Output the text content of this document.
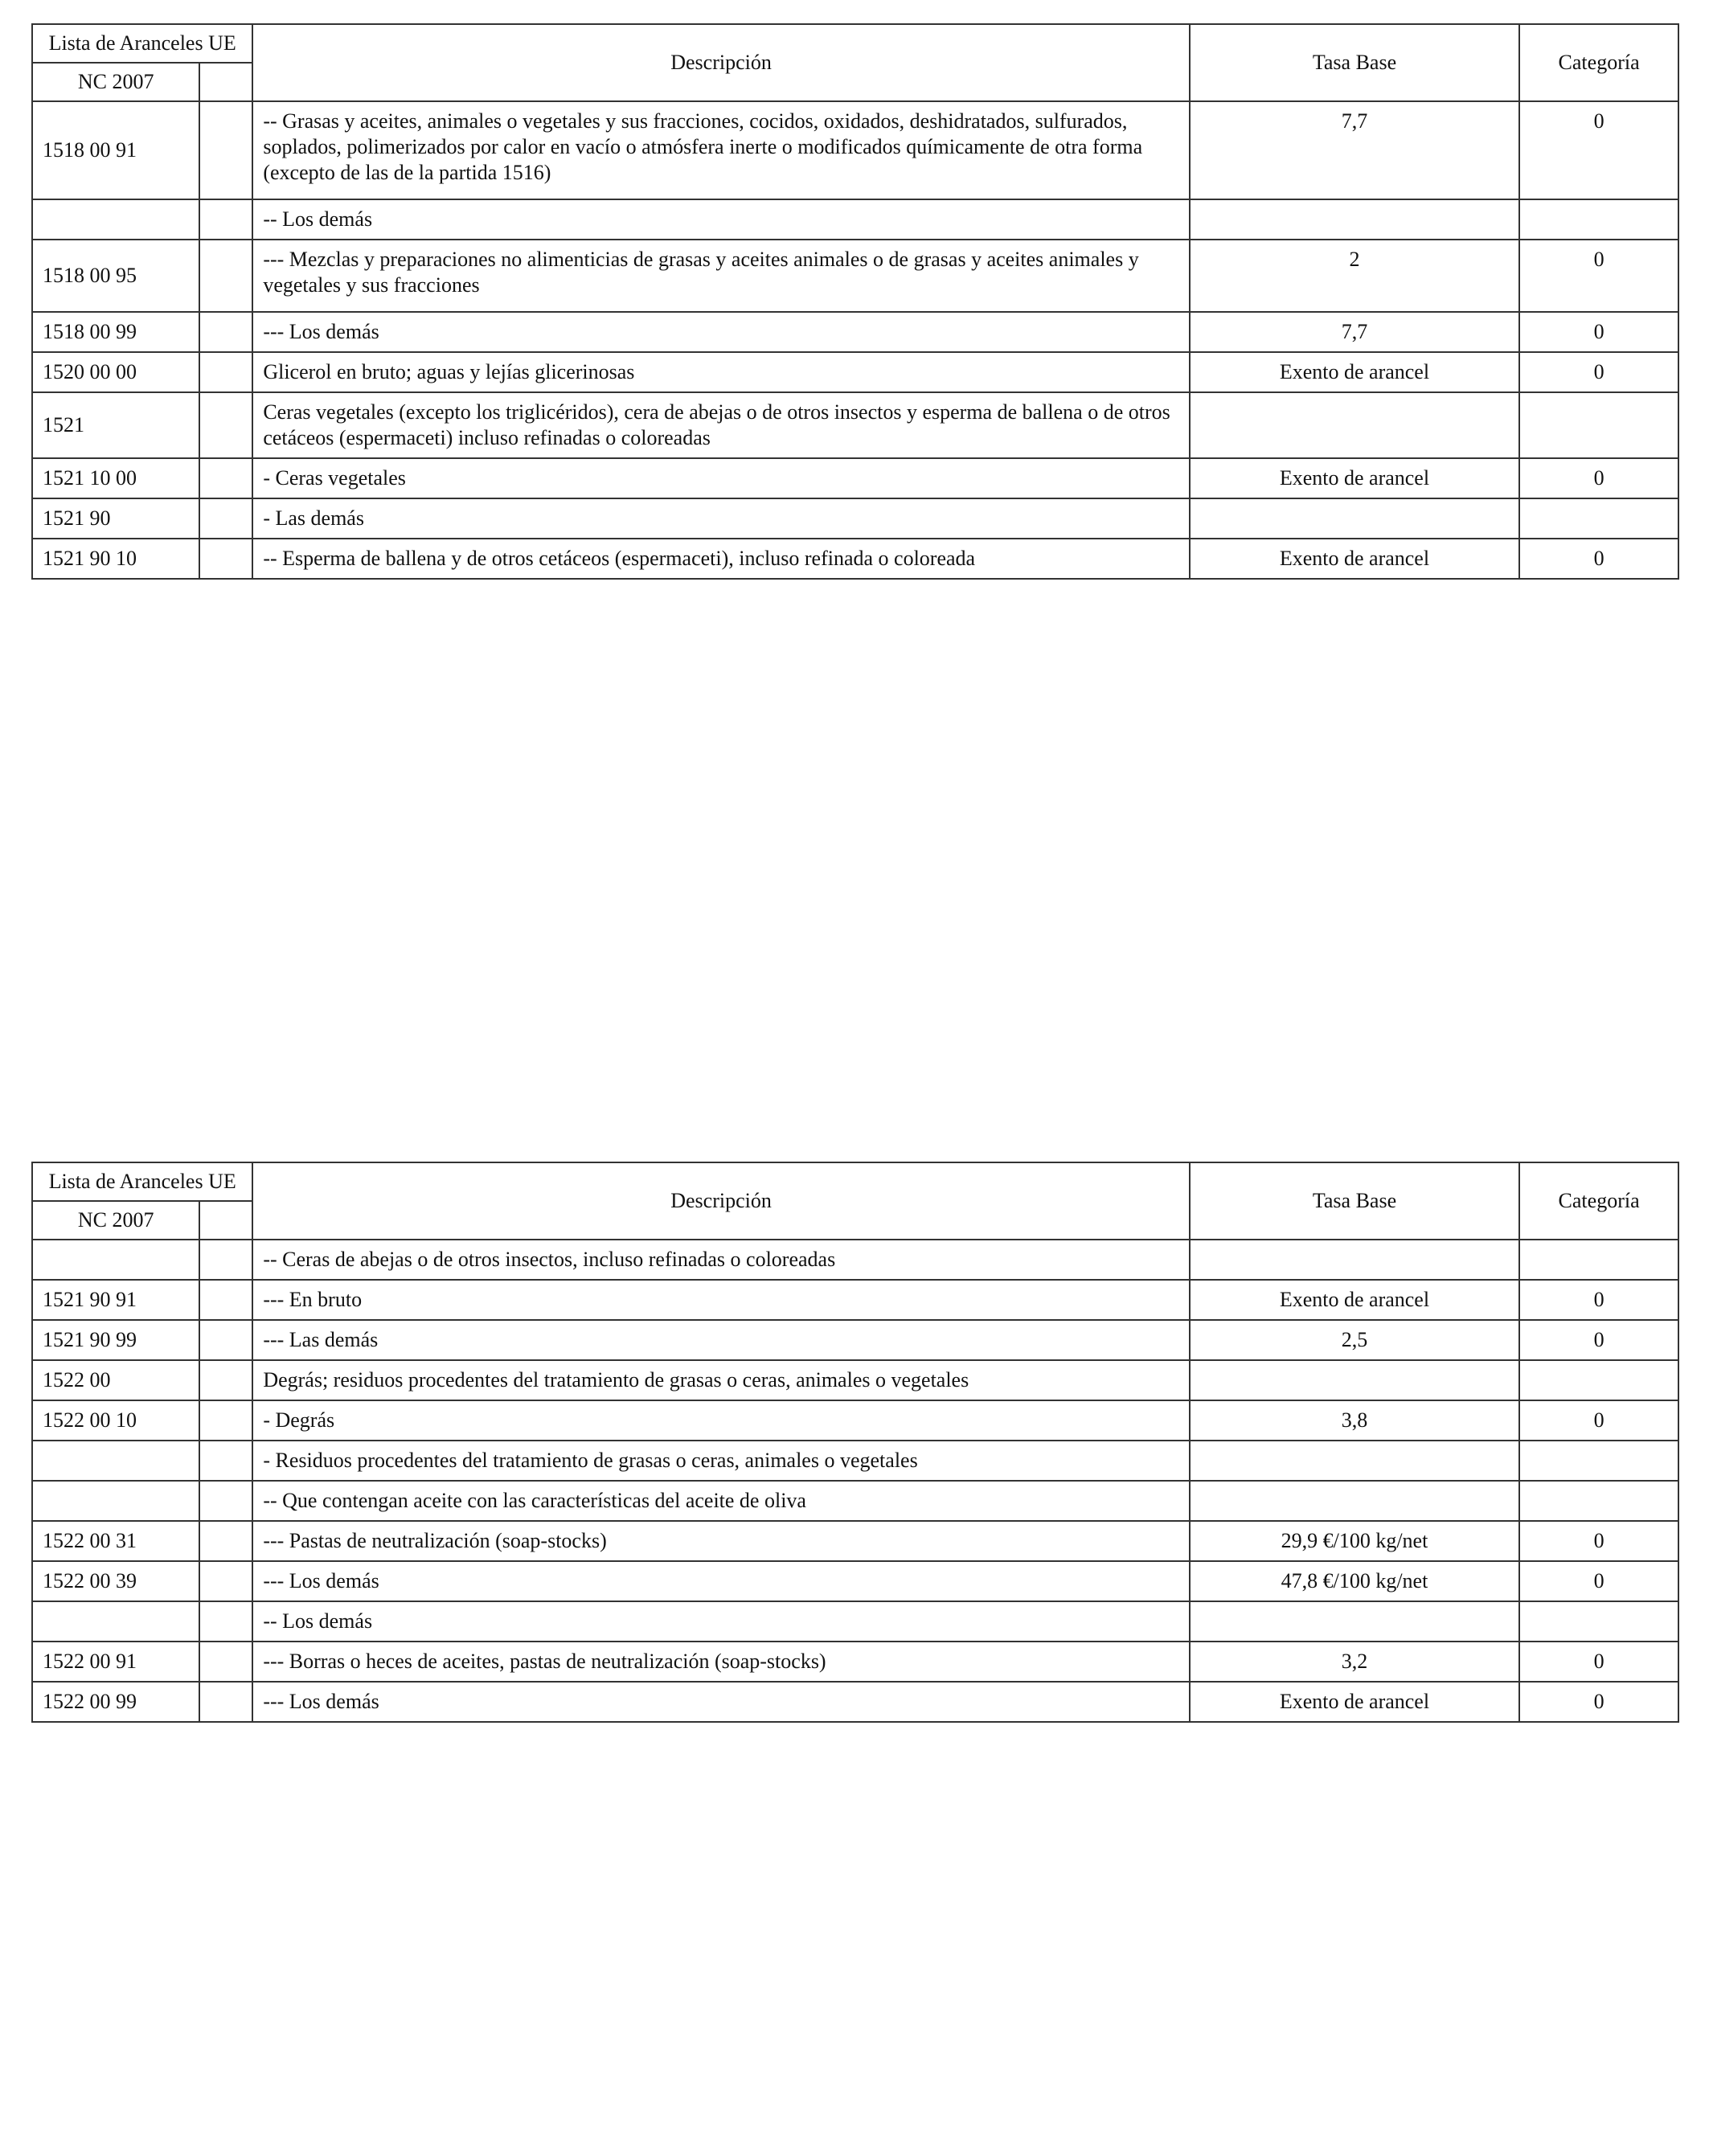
Lista de Aranceles UE		Descripción	Tasa Base	Categoría
NC 2007				
1518 00 91		-- Grasas y aceites, animales o vegetales y sus fracciones, cocidos, oxidados, deshidratados, sulfurados, soplados, polimerizados por calor en vacío o atmósfera inerte o modificados químicamente de otra forma (excepto de las de la partida 1516)	7,7	0
		-- Los demás		
1518 00 95		--- Mezclas y preparaciones no alimenticias de grasas y aceites animales o de grasas y aceites animales y vegetales y sus fracciones	2	0
1518 00 99		--- Los demás	7,7	0
1520 00 00		Glicerol en bruto; aguas y lejías glicerinosas	Exento de arancel	0
1521		Ceras vegetales (excepto los triglicéridos), cera de abejas o de otros insectos y esperma de ballena o de otros cetáceos (espermaceti) incluso refinadas o coloreadas		
1521 10 00		- Ceras vegetales	Exento de arancel	0
1521 90		- Las demás		
1521 90 10		-- Esperma de ballena y de otros cetáceos (espermaceti), incluso refinada o coloreada	Exento de arancel	0
Lista de Aranceles UE		Descripción	Tasa Base	Categoría
NC 2007				
		-- Ceras de abejas o de otros insectos, incluso refinadas o coloreadas		
1521 90 91		--- En bruto	Exento de arancel	0
1521 90 99		--- Las demás	2,5	0
1522 00		Degrás; residuos procedentes del tratamiento de grasas o ceras, animales o vegetales		
1522 00 10		- Degrás	3,8	0
		- Residuos procedentes del tratamiento de grasas o ceras, animales o vegetales		
		-- Que contengan aceite con las características del aceite de oliva		
1522 00 31		--- Pastas de neutralización (soap-stocks)	29,9 €/100 kg/net	0
1522 00 39		--- Los demás	47,8 €/100 kg/net	0
		-- Los demás		
1522 00 91		--- Borras o heces de aceites, pastas de neutralización (soap-stocks)	3,2	0
1522 00 99		--- Los demás	Exento de arancel	0
